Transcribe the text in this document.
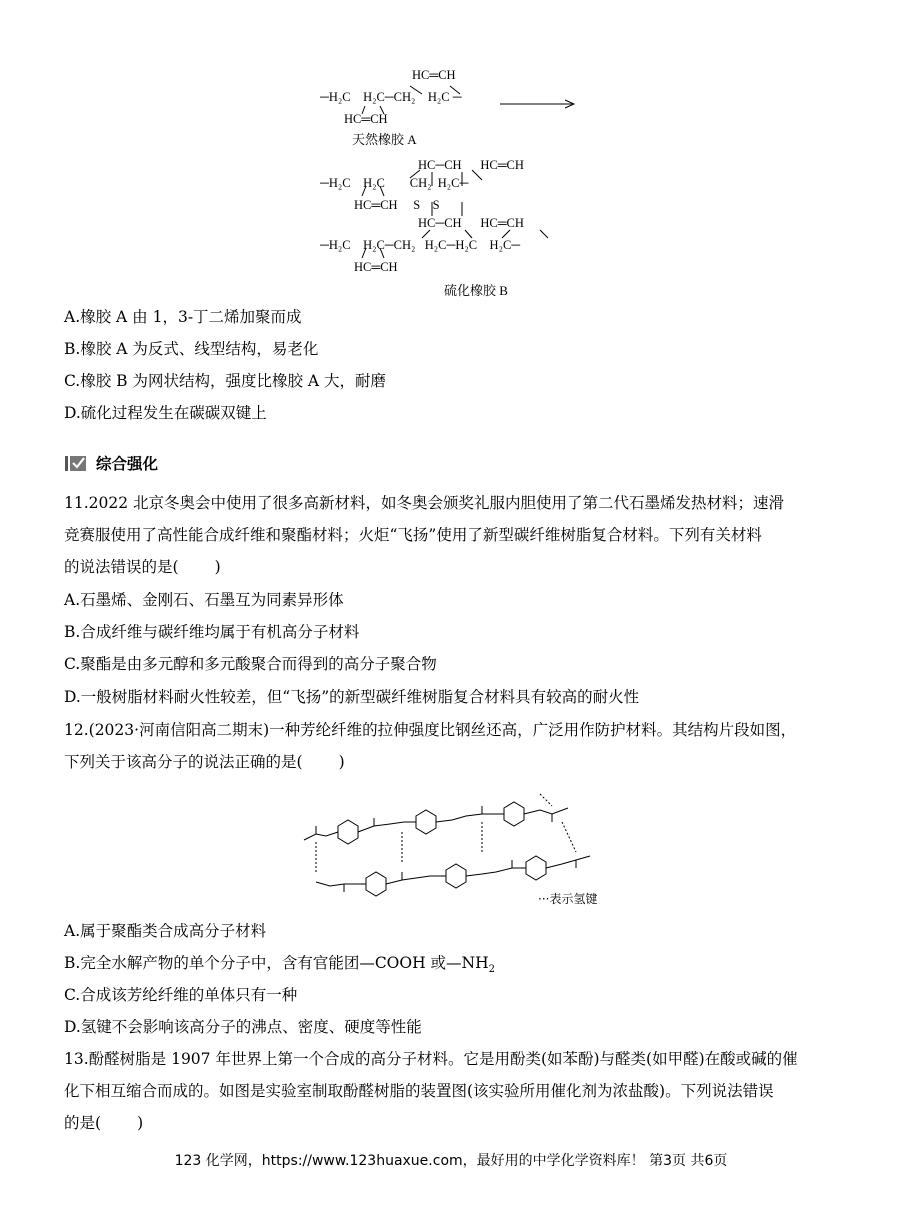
HC═CH
─H₂C    H₂C─CH₂    H₂C ─
HC═CH
天然橡胶 A
HC─CH      HC═CH
─H₂C    H₂C        CH₂  H₂C─
HC═CH     S    S
HC─CH      HC═CH
─H₂C    H₂C─CH₂   H₂C─H₂C    H₂C─
HC═CH
硫化橡胶 B
A.橡胶 A 由 1，3-丁二烯加聚而成
B.橡胶 A 为反式、线型结构，易老化
C.橡胶 B 为网状结构，强度比橡胶 A 大，耐磨
D.硫化过程发生在碳碳双键上
综合强化
11.2022 北京冬奥会中使用了很多高新材料，如冬奥会颁奖礼服内胆使用了第二代石墨烯发热材料；速滑
竞赛服使用了高性能合成纤维和聚酯材料；火炬“飞扬”使用了新型碳纤维树脂复合材料。下列有关材料
的说法错误的是( )
A.石墨烯、金刚石、石墨互为同素异形体
B.合成纤维与碳纤维均属于有机高分子材料
C.聚酯是由多元醇和多元酸聚合而得到的高分子聚合物
D.一般树脂材料耐火性较差，但“飞扬”的新型碳纤维树脂复合材料具有较高的耐火性
12.(2023·河南信阳高二期末)一种芳纶纤维的拉伸强度比钢丝还高，广泛用作防护材料。其结构片段如图，
下列关于该高分子的说法正确的是( )
···表示氢键
A.属于聚酯类合成高分子材料
B.完全水解产物的单个分子中，含有官能团—COOH 或$—NH_2$
C.合成该芳纶纤维的单体只有一种
D.氢键不会影响该高分子的沸点、密度、硬度等性能
13.酚醛树脂是 1907 年世界上第一个合成的高分子材料。它是用酚类(如苯酚)与醛类(如甲醛)在酸或碱的催
化下相互缩合而成的。如图是实验室制取酚醛树脂的装置图(该实验所用催化剂为浓盐酸)。下列说法错误
的是( )
123 化学网，https://www.123huaxue.com，最好用的中学化学资料库！ 第3页 共6页
